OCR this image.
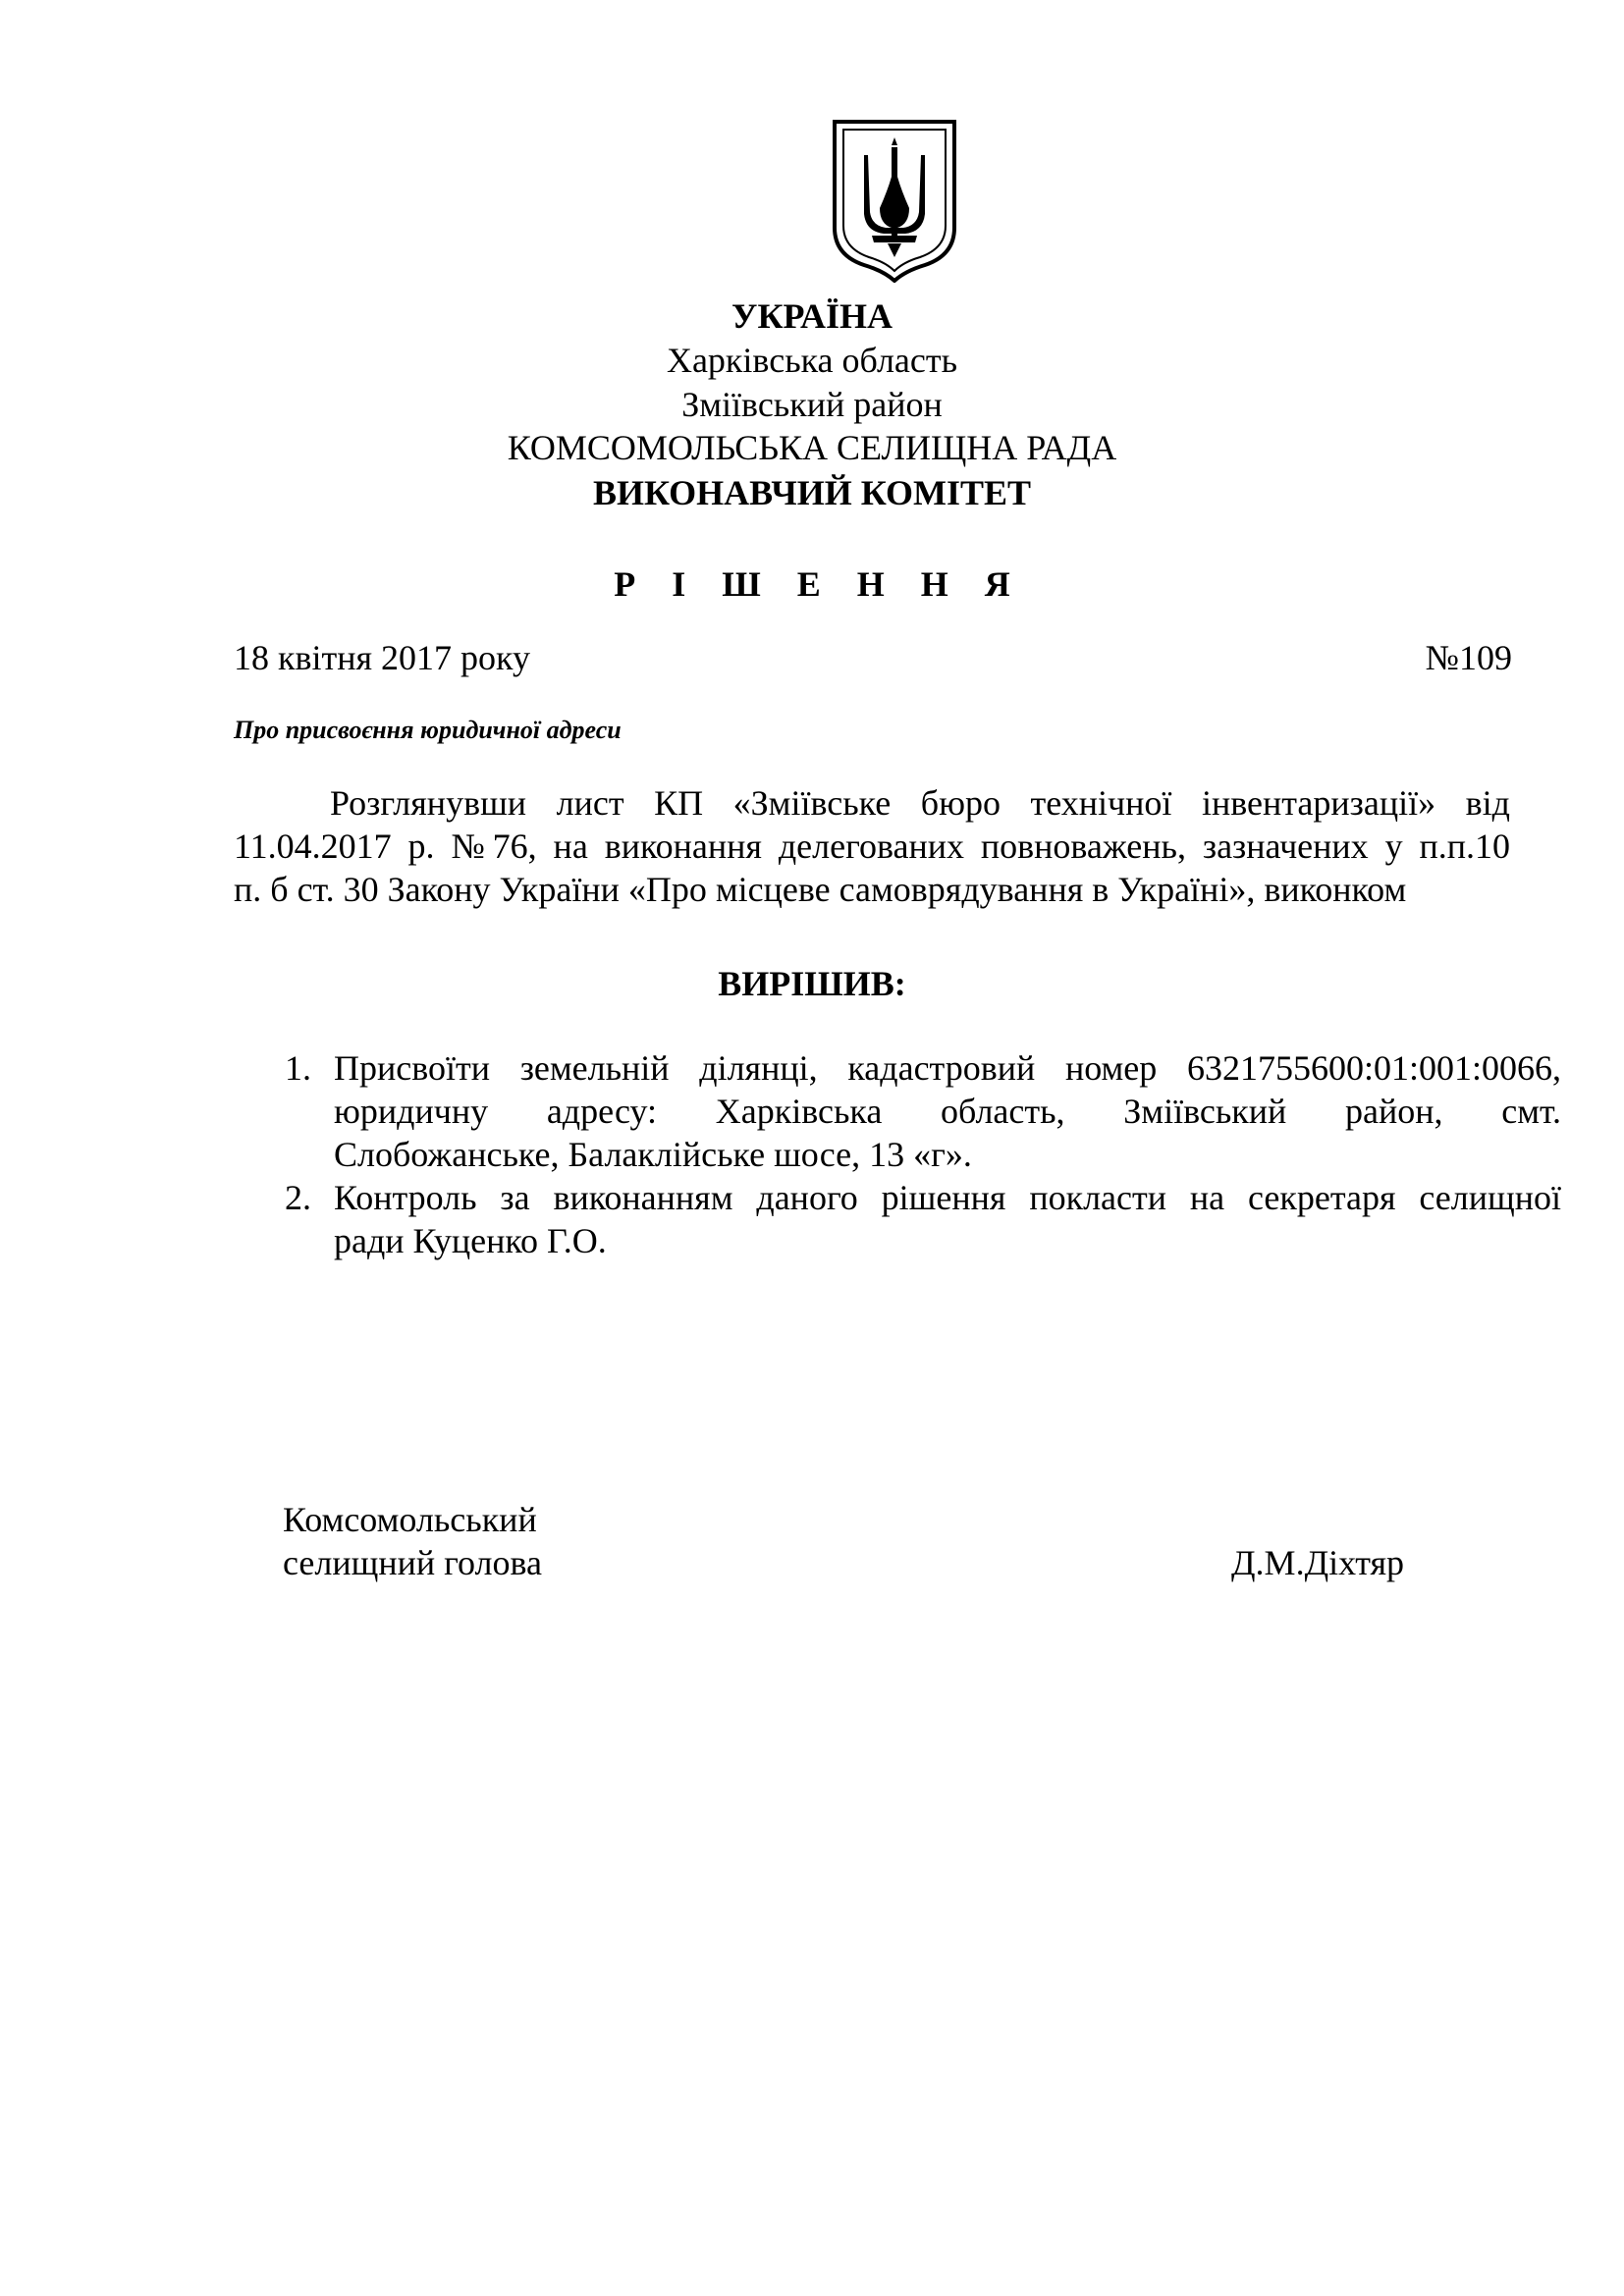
УКРАЇНА
Харківська область
Зміївський район
КОМСОМОЛЬСЬКА СЕЛИЩНА РАДА
ВИКОНАВЧИЙ КОМІТЕТ
Р І Ш Е Н Н Я
18 квітня 2017 року	№109
Про присвоєння юридичної адреси
Розглянувши лист КП «Зміївське бюро технічної інвентаризації» від
11.04.2017 р. №76, на виконання делегованих повноважень, зазначених у п.п.10
п. б ст. 30 Закону України «Про місцеве самоврядування в Україні», виконком
ВИРІШИВ:
1. Присвоїти земельній ділянці, кадастровий номер 6321755600:01:001:0066,
юридичну адресу: Харківська область, Зміївський район, смт.
Слобожанське, Балаклійське шосе, 13 «г».
2. Контроль за виконанням даного рішення покласти на секретаря селищної
ради Куценко Г.О.
Комсомольський
селищний голова	Д.М.Діхтяр
